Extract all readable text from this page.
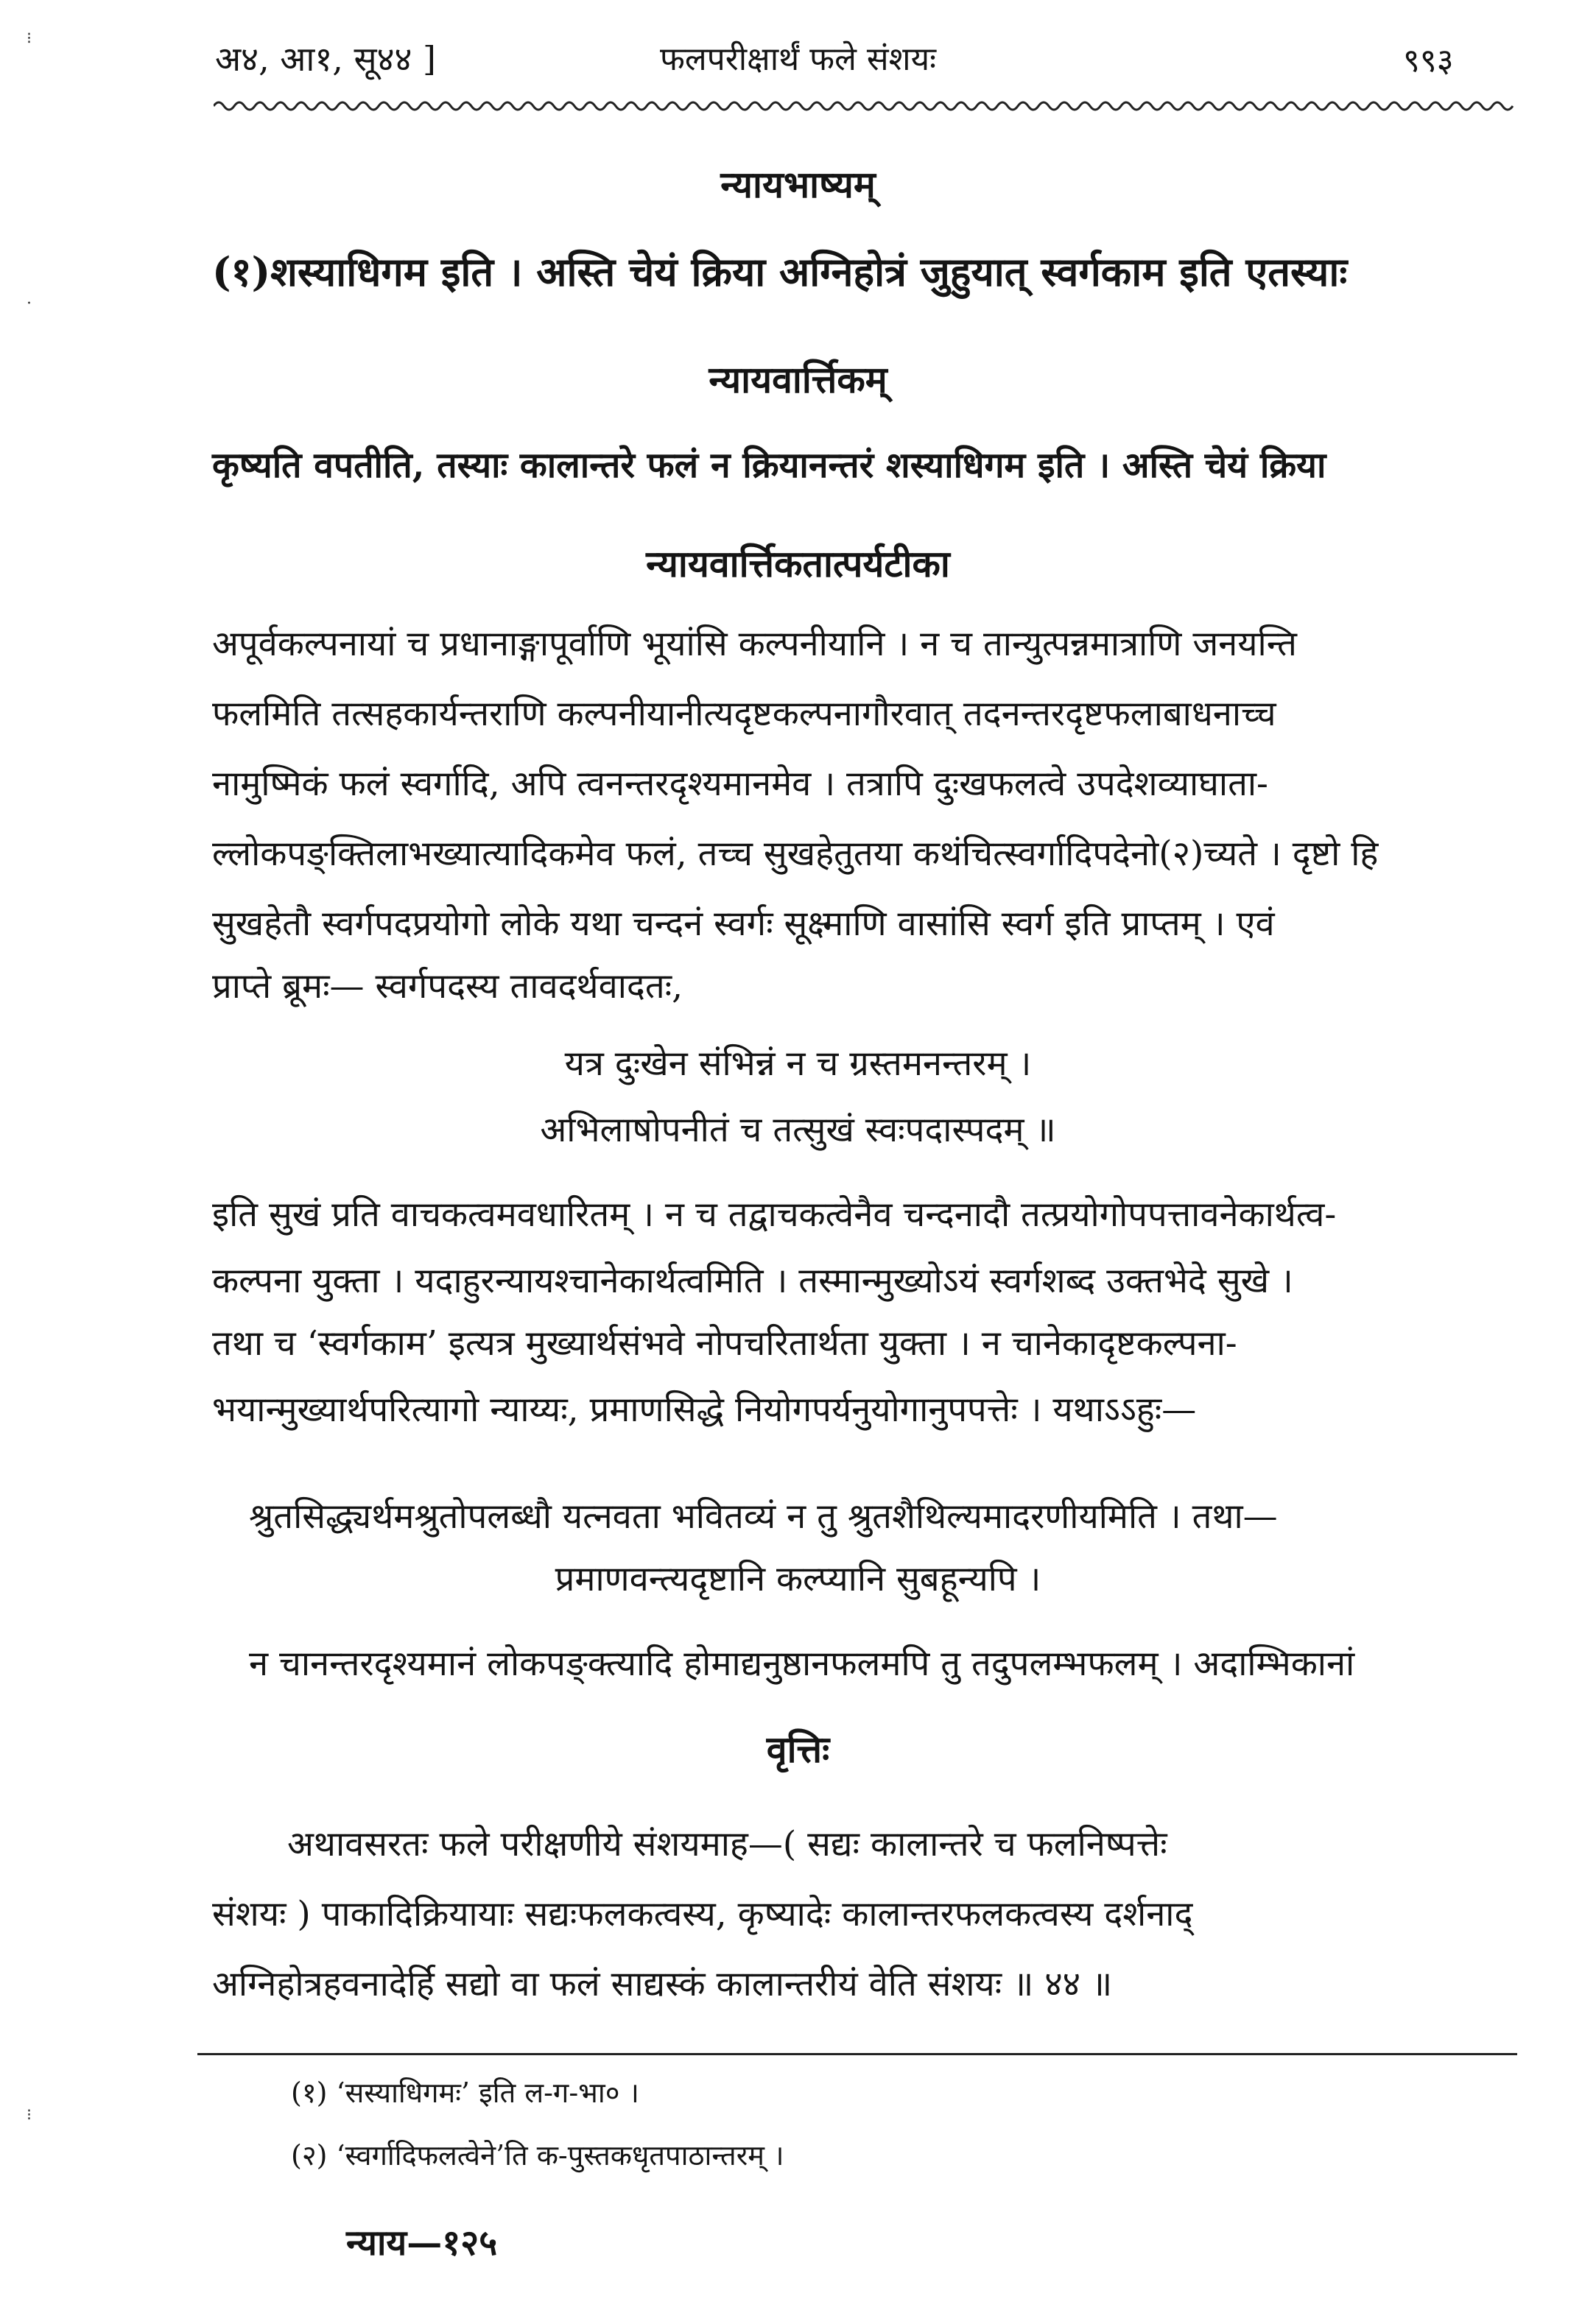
⁝
·
⁝
अ४, आ१, सू४४ ]	फलपरीक्षार्थं फले संशयः	९९३
न्यायभाष्यम्
(१)शस्याधिगम इति । अस्ति चेयं क्रिया अग्निहोत्रं जुहुयात् स्वर्गकाम इति एतस्याः
न्यायवार्त्तिकम्
कृष्यति वपतीति, तस्याः कालान्तरे फलं न क्रियानन्तरं शस्याधिगम इति । अस्ति चेयं क्रिया
न्यायवार्त्तिकतात्पर्यटीका
अपूर्वकल्पनायां च प्रधानाङ्गापूर्वाणि भूयांसि कल्पनीयानि । न च तान्युत्पन्नमात्राणि जनयन्ति
फलमिति तत्सहकार्यन्तराणि कल्पनीयानीत्यदृष्टकल्पनागौरवात् तदनन्तरदृष्टफलाबाधनाच्च
नामुष्मिकं फलं स्वर्गादि, अपि त्वनन्तरदृश्यमानमेव । तत्रापि दुःखफलत्वे उपदेशव्याघाता-
ल्लोकपङ्क्तिलाभख्यात्यादिकमेव फलं, तच्च सुखहेतुतया कथंचित्स्वर्गादिपदेनो(२)च्यते । दृष्टो हि
सुखहेतौ स्वर्गपदप्रयोगो लोके यथा चन्दनं स्वर्गः सूक्ष्माणि वासांसि स्वर्ग इति प्राप्तम् । एवं
प्राप्ते ब्रूमः— स्वर्गपदस्य तावदर्थवादतः,
यत्र दुःखेन संभिन्नं न च ग्रस्तमनन्तरम् ।
अभिलाषोपनीतं च तत्सुखं स्वःपदास्पदम् ॥
इति सुखं प्रति वाचकत्वमवधारितम् । न च तद्वाचकत्वेनैव चन्दनादौ तत्प्रयोगोपपत्तावनेकार्थत्व-
कल्पना युक्ता । यदाहुरन्यायश्चानेकार्थत्वमिति । तस्मान्मुख्योऽयं स्वर्गशब्द उक्तभेदे सुखे ।
तथा च ‘स्वर्गकाम’ इत्यत्र मुख्यार्थसंभवे नोपचरितार्थता युक्ता । न चानेकादृष्टकल्पना-
भयान्मुख्यार्थपरित्यागो न्याय्यः, प्रमाणसिद्धे नियोगपर्यनुयोगानुपपत्तेः । यथाऽऽहुः—
श्रुतसिद्ध्यर्थमश्रुतोपलब्धौ यत्नवता भवितव्यं न तु श्रुतशैथिल्यमादरणीयमिति । तथा—
प्रमाणवन्त्यदृष्टानि कल्प्यानि सुबहून्यपि ।
न चानन्तरदृश्यमानं लोकपङ्क्त्यादि होमाद्यनुष्ठानफलमपि तु तदुपलम्भफलम् । अदाम्भिकानां
वृत्तिः
अथावसरतः फले परीक्षणीये संशयमाह—( सद्यः कालान्तरे च फलनिष्पत्तेः
संशयः ) पाकादिक्रियायाः सद्यःफलकत्वस्य, कृष्यादेः कालान्तरफलकत्वस्य दर्शनाद्
अग्निहोत्रहवनादेर्हि सद्यो वा फलं साद्यस्कं कालान्तरीयं वेति संशयः ॥ ४४ ॥
(१) ‘सस्याधिगमः’ इति ल-ग-भा० ।
(२) ‘स्वर्गादिफलत्वेने’ति क-पुस्तकधृतपाठान्तरम् ।
न्याय—१२५
